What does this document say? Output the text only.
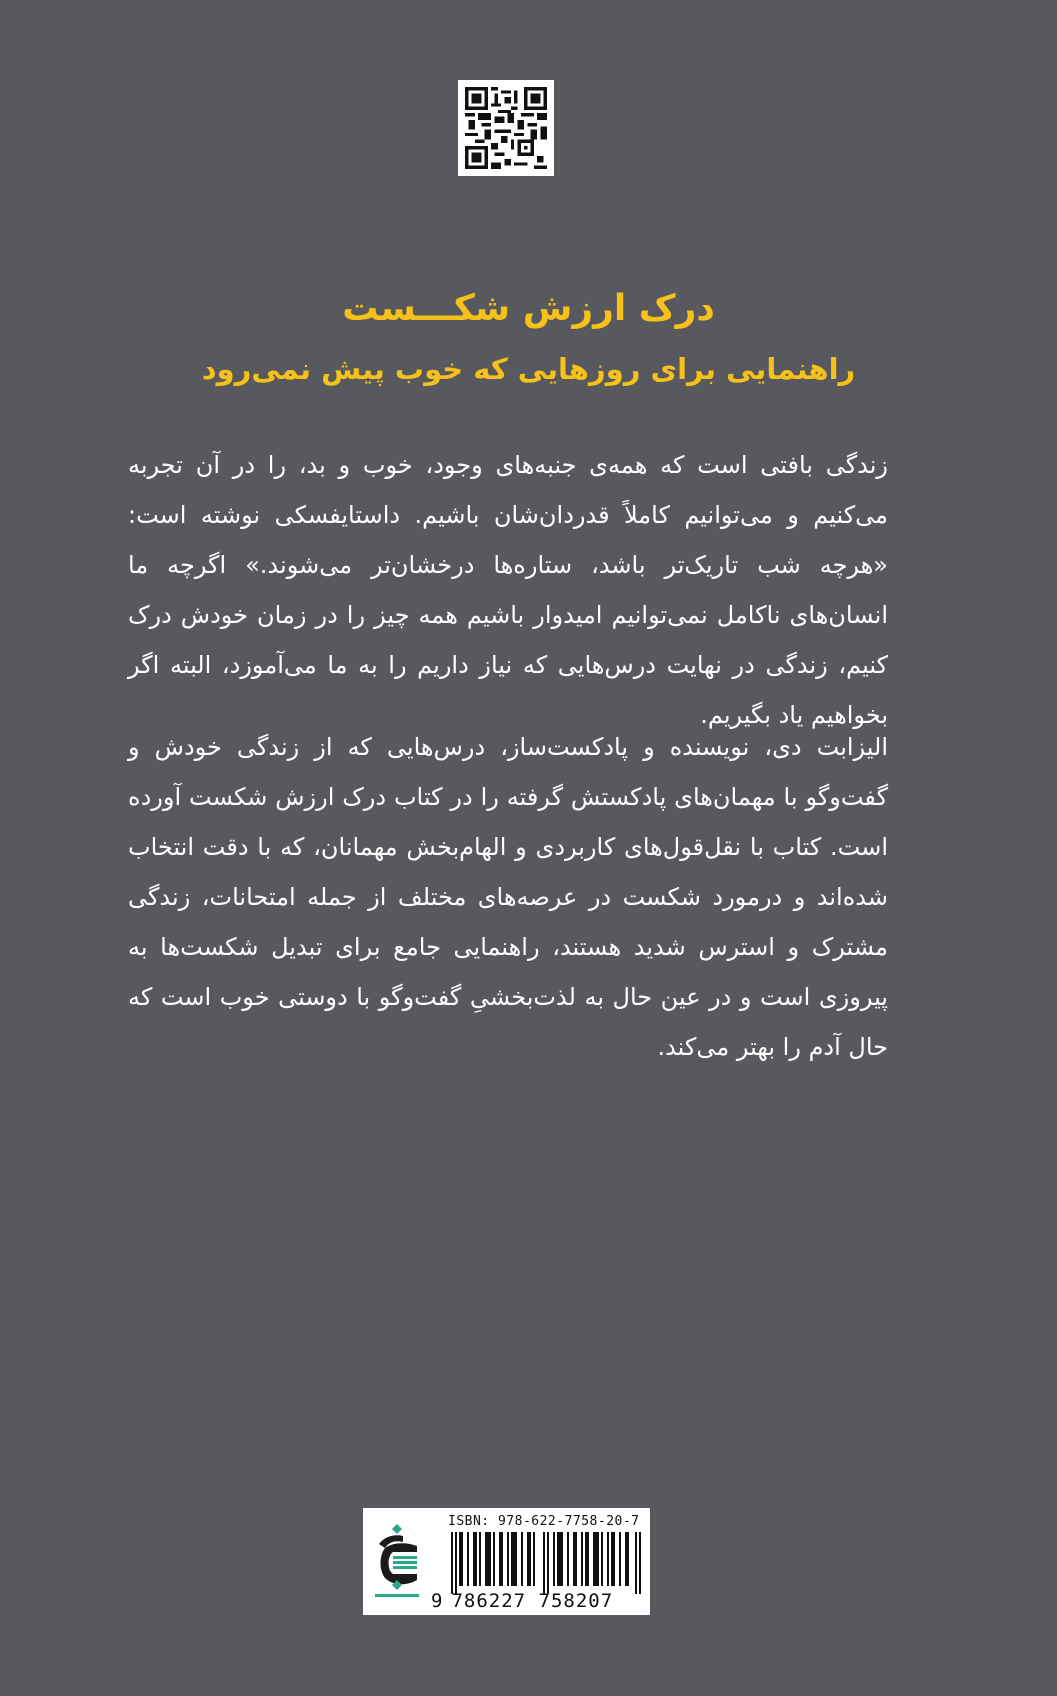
درک ارزش شکـــست
راهنمایی برای روزهایی که خوب پیش نمی‌رود
زندگی بافتی است که همه‌ی جنبه‌های وجود، خوب و بد، را در آن تجربه می‌کنیم و می‌توانیم کاملاً قدردان‌شان باشیم. داستایفسکی نوشته است: «هرچه شب تاریک‌تر باشد، ستاره‌ها درخشان‌تر می‌شوند.» اگرچه ما انسان‌های ناکامل نمی‌توانیم امیدوار باشیم همه چیز را در زمان خودش درک کنیم، زندگی در نهایت درس‌هایی که نیاز داریم را به ما می‌آموزد، البته اگر بخواهیم یاد بگیریم.
الیزابت دی، نویسنده و پادکست‌ساز، درس‌هایی که از زندگی خودش و گفت‌وگو با مهمان‌های پادکستش گرفته را در کتاب درک ارزش شکست آورده است. کتاب با نقل‌قول‌های کاربردی و الهام‌بخش مهمانان، که با دقت انتخاب شده‌اند و درمورد شکست در عرصه‌های مختلف از جمله امتحانات، زندگی مشترک و استرس شدید هستند، راهنمایی جامع برای تبدیل شکست‌ها به پیروزی است و در عین حال به لذت‌بخشیِ گفت‌وگو با دوستی خوب است که حال آدم را بهتر می‌کند.
ISBN: 978-622-7758-20-7
9 786227 758207
